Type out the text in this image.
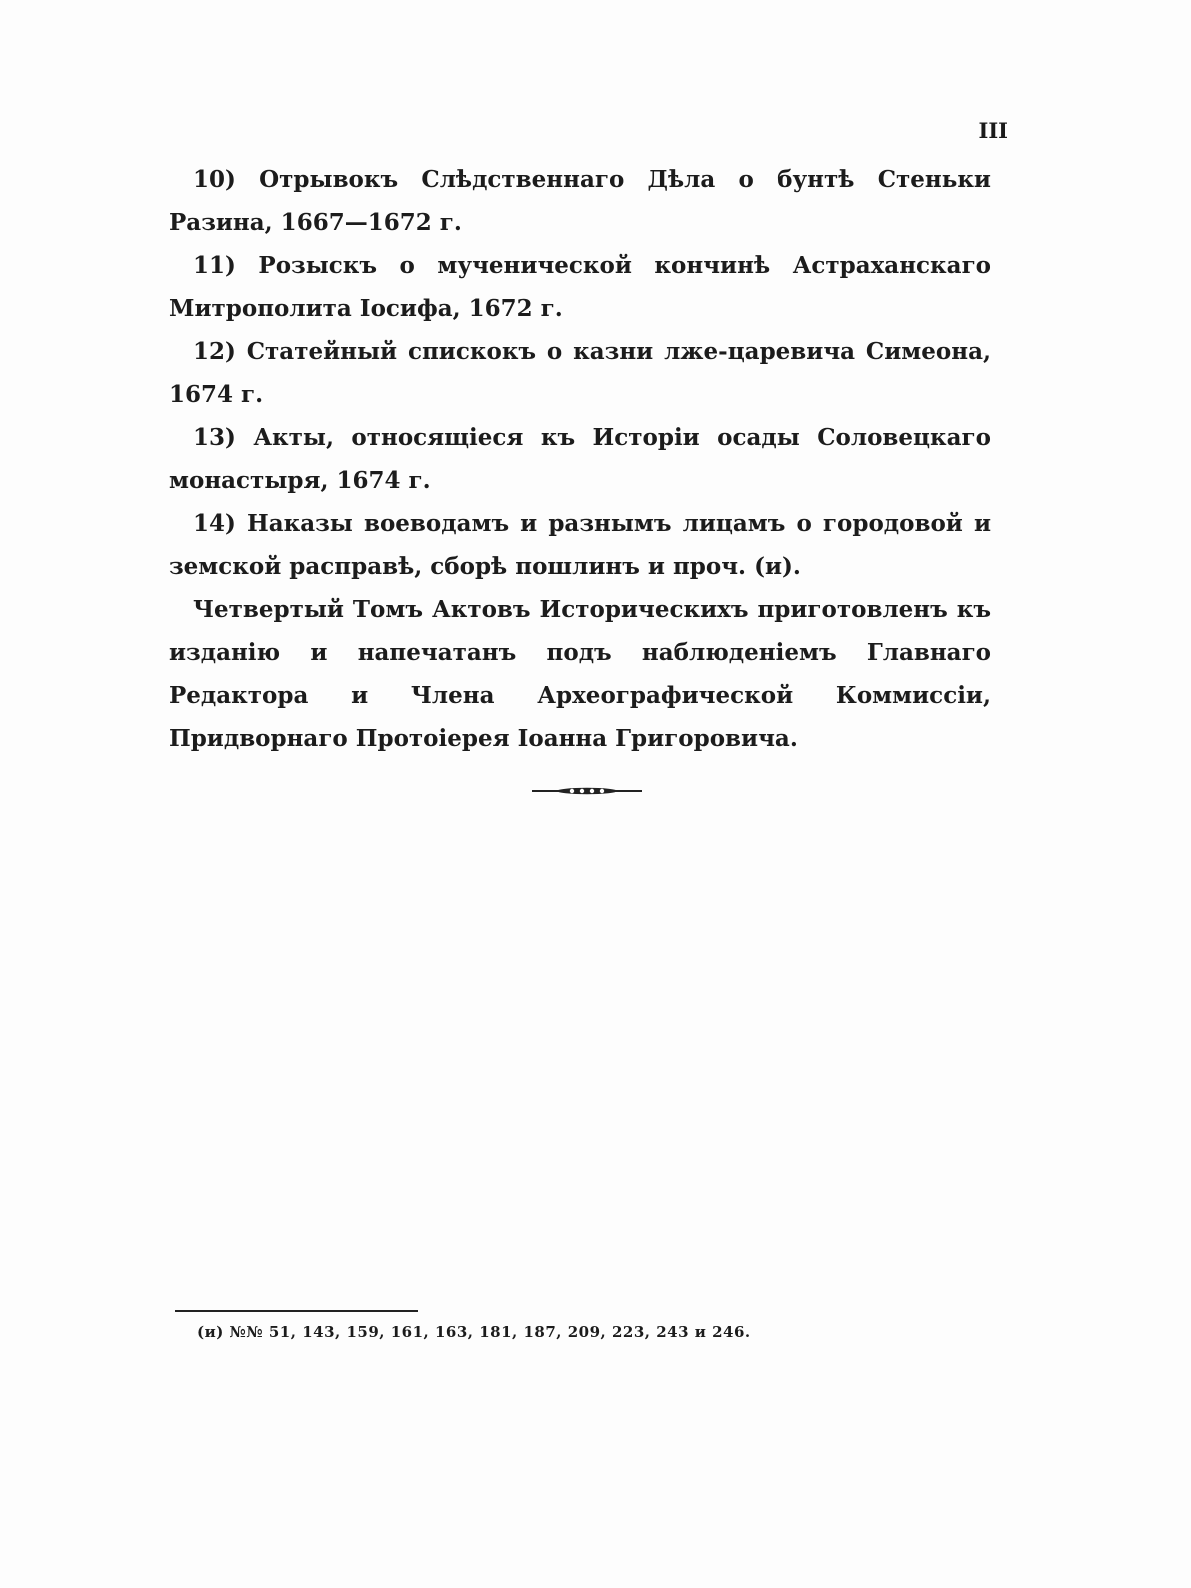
III

10) Отрывокъ Слѣдственнаго Дѣла о бунтѣ Стеньки Разина, 1667—1672 г.

11) Розыскъ о мученической кончинѣ Астраханскаго Митрополита Іосифа, 1672 г.

12) Статейный спискокъ о казни лже-царевича Симеона, 1674 г.

13) Акты, относящіеся къ Исторіи осады Соловецкаго монастыря, 1674 г.

14) Наказы воеводамъ и разнымъ лицамъ о городовой и земской расправѣ, сборѣ пошлинъ и проч. (и).

Четвертый Томъ Актовъ Историческихъ приготовленъ къ изданію и напечатанъ подъ наблюденіемъ Главнаго Редактора и Члена Археографической Коммиссіи, Придворнаго Протоіерея Іоанна Григоровича.

(и) №№ 51, 143, 159, 161, 163, 181, 187, 209, 223, 243 и 246.
